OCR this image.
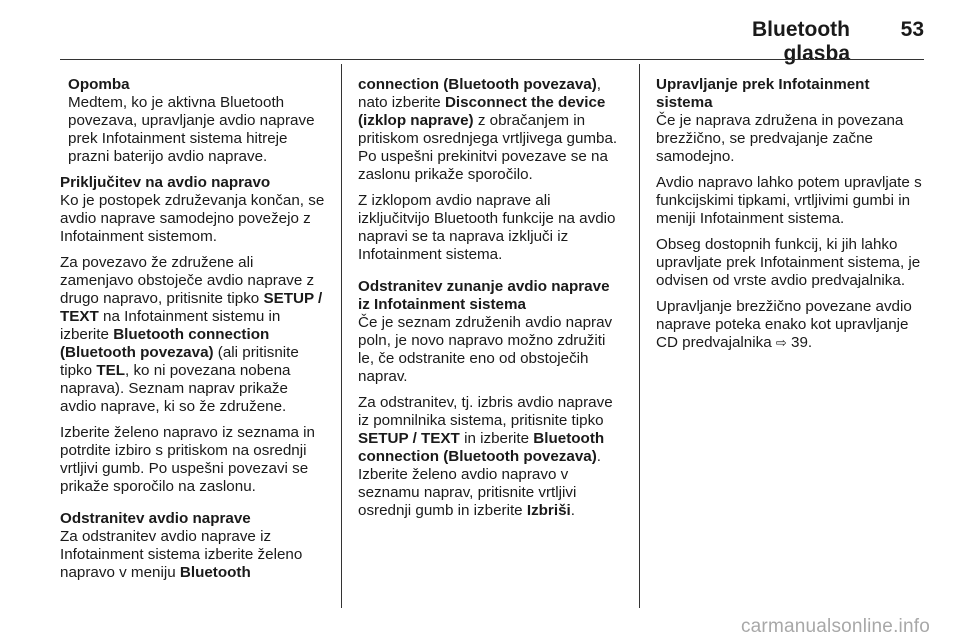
Bluetooth glasba
53
Opomba
Medtem, ko je aktivna Bluetooth povezava, upravljanje avdio naprave prek Infotainment sistema hitreje prazni baterijo avdio naprave.

Priključitev na avdio napravo

Ko je postopek združevanja končan, se avdio naprave samodejno povežejo z Infotainment sistemom.

Za povezavo že združene ali zamenjavo obstoječe avdio naprave z drugo napravo, pritisnite tipko SETUP / TEXT na Infotainment sistemu in izberite Bluetooth connection (Bluetooth povezava) (ali pritisnite tipko TEL, ko ni povezana nobena naprava). Seznam naprav prikaže avdio naprave, ki so že združene.

Izberite želeno napravo iz seznama in potrdite izbiro s pritiskom na osrednji vrtljivi gumb. Po uspešni povezavi se prikaže sporočilo na zaslonu.

Odstranitev avdio naprave

Za odstranitev avdio naprave iz Infotainment sistema izberite želeno napravo v meniju Bluetooth

connection (Bluetooth povezava), nato izberite Disconnect the device (izklop naprave) z obračanjem in pritiskom osrednjega vrtljivega gumba. Po uspešni prekinitvi povezave se na zaslonu prikaže sporočilo.

Z izklopom avdio naprave ali izključitvijo Bluetooth funkcije na avdio napravi se ta naprava izključi iz Infotainment sistema.

Odstranitev zunanje avdio naprave iz Infotainment sistema

Če je seznam združenih avdio naprav poln, je novo napravo možno združiti le, če odstranite eno od obstoječih naprav.

Za odstranitev, tj. izbris avdio naprave iz pomnilnika sistema, pritisnite tipko SETUP / TEXT in izberite Bluetooth connection (Bluetooth povezava). Izberite želeno avdio napravo v seznamu naprav, pritisnite vrtljivi osrednji gumb in izberite Izbriši.

Upravljanje prek Infotainment sistema

Če je naprava združena in povezana brezžično, se predvajanje začne samodejno.

Avdio napravo lahko potem upravljate s funkcijskimi tipkami, vrtljivimi gumbi in meniji Infotainment sistema.

Obseg dostopnih funkcij, ki jih lahko upravljate prek Infotainment sistema, je odvisen od vrste avdio predvajalnika.

Upravljanje brezžično povezane avdio naprave poteka enako kot upravljanje CD predvajalnika ⇨ 39.

carmanualsonline.info
